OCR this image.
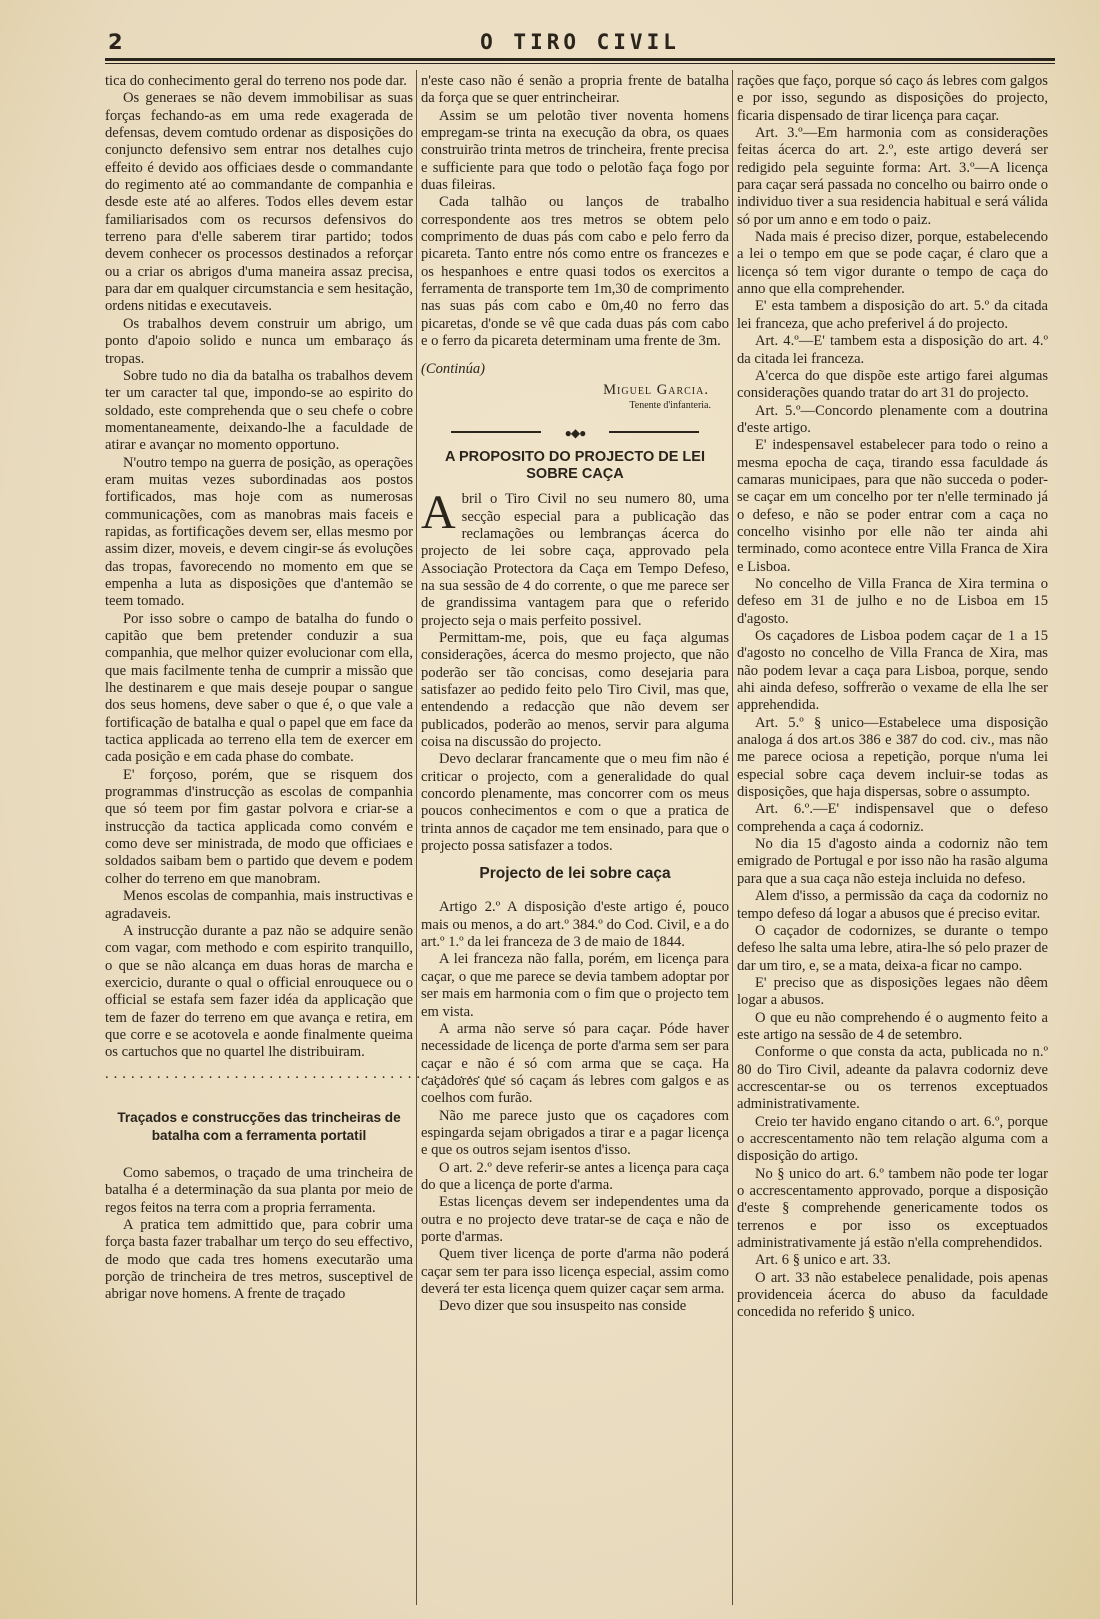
2	O TIRO CIVIL

tica do conhecimento geral do terreno nos pode dar.

Os generaes se não devem immobilisar as suas forças fechando-as em uma rede exagerada de defensas, devem comtudo ordenar as disposições do conjuncto defensivo sem entrar nos detalhes cujo effeito é devido aos officiaes desde o commandante do regimento até ao commandante de companhia e desde este até ao alferes. Todos elles devem estar familiarisados com os recursos defensivos do terreno para d'elle saberem tirar partido; todos devem conhecer os processos destinados a reforçar ou a criar os abrigos d'uma maneira assaz precisa, para dar em qualquer circumstancia e sem hesitação, ordens nitidas e executaveis.

Os trabalhos devem construir um abrigo, um ponto d'apoio solido e nunca um embaraço ás tropas.

Sobre tudo no dia da batalha os trabalhos devem ter um caracter tal que, impondo-se ao espirito do soldado, este comprehenda que o seu chefe o cobre momentaneamente, deixando-lhe a faculdade de atirar e avançar no momento opportuno.

N'outro tempo na guerra de posição, as operações eram muitas vezes subordinadas aos postos fortificados, mas hoje com as numerosas communicações, com as manobras mais faceis e rapidas, as fortificações devem ser, ellas mesmo por assim dizer, moveis, e devem cingir-se ás evoluções das tropas, favorecendo no momento em que se empenha a luta as disposições que d'antemão se teem tomado.

Por isso sobre o campo de batalha do fundo o capitão que bem pretender conduzir a sua companhia, que melhor quizer evolucionar com ella, que mais facilmente tenha de cumprir a missão que lhe destinarem e que mais deseje poupar o sangue dos seus homens, deve saber o que é, o que vale a fortificação de batalha e qual o papel que em face da tactica applicada ao terreno ella tem de exercer em cada posição e em cada phase do combate.

E' forçoso, porém, que se risquem dos programmas d'instrucção as escolas de companhia que só teem por fim gastar polvora e criar-se a instrucção da tactica applicada como convém e como deve ser ministrada, de modo que officiaes e soldados saibam bem o partido que devem e podem colher do terreno em que manobram.

Menos escolas de companhia, mais instructivas e agradaveis.

A instrucção durante a paz não se adquire senão com vagar, com methodo e com espirito tranquillo, o que se não alcança em duas horas de marcha e exercicio, durante o qual o official enrouquece ou o official se estafa sem fazer idéa da applicação que tem de fazer do terreno em que avança e retira, em que corre e se acotovela e aonde finalmente queima os cartuchos que no quartel lhe distribuiram.

...............................................
Traçados e construcções das trincheiras de batalha com a ferramenta portatil

Como sabemos, o traçado de uma trincheira de batalha é a determinação da sua planta por meio de regos feitos na terra com a propria ferramenta.

A pratica tem admittido que, para cobrir uma força basta fazer trabalhar um terço do seu effectivo, de modo que cada tres homens executarão uma porção de trincheira de tres metros, susceptivel de abrigar nove homens. A frente de traçado

n'este caso não é senão a propria frente de batalha da força que se quer entrincheirar.

Assim se um pelotão tiver noventa homens empregam-se trinta na execução da obra, os quaes construirão trinta metros de trincheira, frente precisa e sufficiente para que todo o pelotão faça fogo por duas fileiras.

Cada talhão ou lanços de trabalho correspondente aos tres metros se obtem pelo comprimento de duas pás com cabo e pelo ferro da picareta. Tanto entre nós como entre os francezes e os hespanhoes e entre quasi todos os exercitos a ferramenta de transporte tem 1m,30 de comprimento nas suas pás com cabo e 0m,40 no ferro das picaretas, d'onde se vê que cada duas pás com cabo e o ferro da picareta determinam uma frente de 3m.

(Continúa)
Miguel Garcia.
Tenente d'infanteria.
●◆●
A PROPOSITO DO PROJECTO DE LEI SOBRE CAÇA

Abril o Tiro Civil no seu numero 80, uma secção especial para a publicação das reclamações ou lembranças ácerca do projecto de lei sobre caça, approvado pela Associação Protectora da Caça em Tempo Defeso, na sua sessão de 4 do corrente, o que me parece ser de grandissima vantagem para que o referido projecto seja o mais perfeito possivel.

Permittam-me, pois, que eu faça algumas considerações, ácerca do mesmo projecto, que não poderão ser tão concisas, como desejaria para satisfazer ao pedido feito pelo Tiro Civil, mas que, entendendo a redacção que não devem ser publicados, poderão ao menos, servir para alguma coisa na discussão do projecto.

Devo declarar francamente que o meu fim não é criticar o projecto, com a generalidade do qual concordo plenamente, mas concorrer com os meus poucos conhecimentos e com o que a pratica de trinta annos de caçador me tem ensinado, para que o projecto possa satisfazer a todos.

Projecto de lei sobre caça

Artigo 2.º A disposição d'este artigo é, pouco mais ou menos, a do art.º 384.º do Cod. Civil, e a do art.º 1.º da lei franceza de 3 de maio de 1844.

A lei franceza não falla, porém, em licença para caçar, o que me parece se devia tambem adoptar por ser mais em harmonia com o fim que o projecto tem em vista.

A arma não serve só para caçar. Póde haver necessidade de licença de porte d'arma sem ser para caçar e não é só com arma que se caça. Ha caçadores que só caçam ás lebres com galgos e as coelhos com furão.

Não me parece justo que os caçadores com espingarda sejam obrigados a tirar e a pagar licença e que os outros sejam isentos d'isso.

O art. 2.º deve referir-se antes a licença para caça do que a licença de porte d'arma.

Estas licenças devem ser independentes uma da outra e no projecto deve tratar-se de caça e não de porte d'armas.

Quem tiver licença de porte d'arma não poderá caçar sem ter para isso licença especial, assim como deverá ter esta licença quem quizer caçar sem arma.

Devo dizer que sou insuspeito nas conside

rações que faço, porque só caço ás lebres com galgos e por isso, segundo as disposições do projecto, ficaria dispensado de tirar licença para caçar.

Art. 3.º—Em harmonia com as considerações feitas ácerca do art. 2.º, este artigo deverá ser redigido pela seguinte forma: Art. 3.º—A licença para caçar será passada no concelho ou bairro onde o individuo tiver a sua residencia habitual e será válida só por um anno e em todo o paiz.

Nada mais é preciso dizer, porque, estabelecendo a lei o tempo em que se pode caçar, é claro que a licença só tem vigor durante o tempo de caça do anno que ella comprehender.

E' esta tambem a disposição do art. 5.º da citada lei franceza, que acho preferivel á do projecto.

Art. 4.º—E' tambem esta a disposição do art. 4.º da citada lei franceza.

A'cerca do que dispõe este artigo farei algumas considerações quando tratar do art 31 do projecto.

Art. 5.º—Concordo plenamente com a doutrina d'este artigo.

E' indespensavel estabelecer para todo o reino a mesma epocha de caça, tirando essa faculdade ás camaras municipaes, para que não succeda o poder-se caçar em um concelho por ter n'elle terminado já o defeso, e não se poder entrar com a caça no concelho visinho por elle não ter ainda ahi terminado, como acontece entre Villa Franca de Xira e Lisboa.

No concelho de Villa Franca de Xira termina o defeso em 31 de julho e no de Lisboa em 15 d'agosto.

Os caçadores de Lisboa podem caçar de 1 a 15 d'agosto no concelho de Villa Franca de Xira, mas não podem levar a caça para Lisboa, porque, sendo ahi ainda defeso, soffrerão o vexame de ella lhe ser apprehendida.

Art. 5.º § unico—Estabelece uma disposição analoga á dos art.os 386 e 387 do cod. civ., mas não me parece ociosa a repetição, porque n'uma lei especial sobre caça devem incluir-se todas as disposições, que haja dispersas, sobre o assumpto.

Art. 6.º.—E' indispensavel que o defeso comprehenda a caça á codorniz.

No dia 15 d'agosto ainda a codorniz não tem emigrado de Portugal e por isso não ha rasão alguma para que a sua caça não esteja incluida no defeso.

Alem d'isso, a permissão da caça da codorniz no tempo defeso dá logar a abusos que é preciso evitar.

O caçador de codornizes, se durante o tempo defeso lhe salta uma lebre, atira-lhe só pelo prazer de dar um tiro, e, se a mata, deixa-a ficar no campo.

E' preciso que as disposições legaes não dêem logar a abusos.

O que eu não comprehendo é o augmento feito a este artigo na sessão de 4 de setembro.

Conforme o que consta da acta, publicada no n.º 80 do Tiro Civil, adeante da palavra codorniz deve accrescentar-se ou os terrenos exceptuados administrativamente.

Creio ter havido engano citando o art. 6.º, porque o accrescentamento não tem relação alguma com a disposição do artigo.

No § unico do art. 6.º tambem não pode ter logar o accrescentamento approvado, porque a disposição d'este § comprehende genericamente todos os terrenos e por isso os exceptuados administrativamente já estão n'ella comprehendidos.

Art. 6 § unico e art. 33.

O art. 33 não estabelece penalidade, pois apenas providenceia ácerca do abuso da faculdade concedida no referido § unico.
